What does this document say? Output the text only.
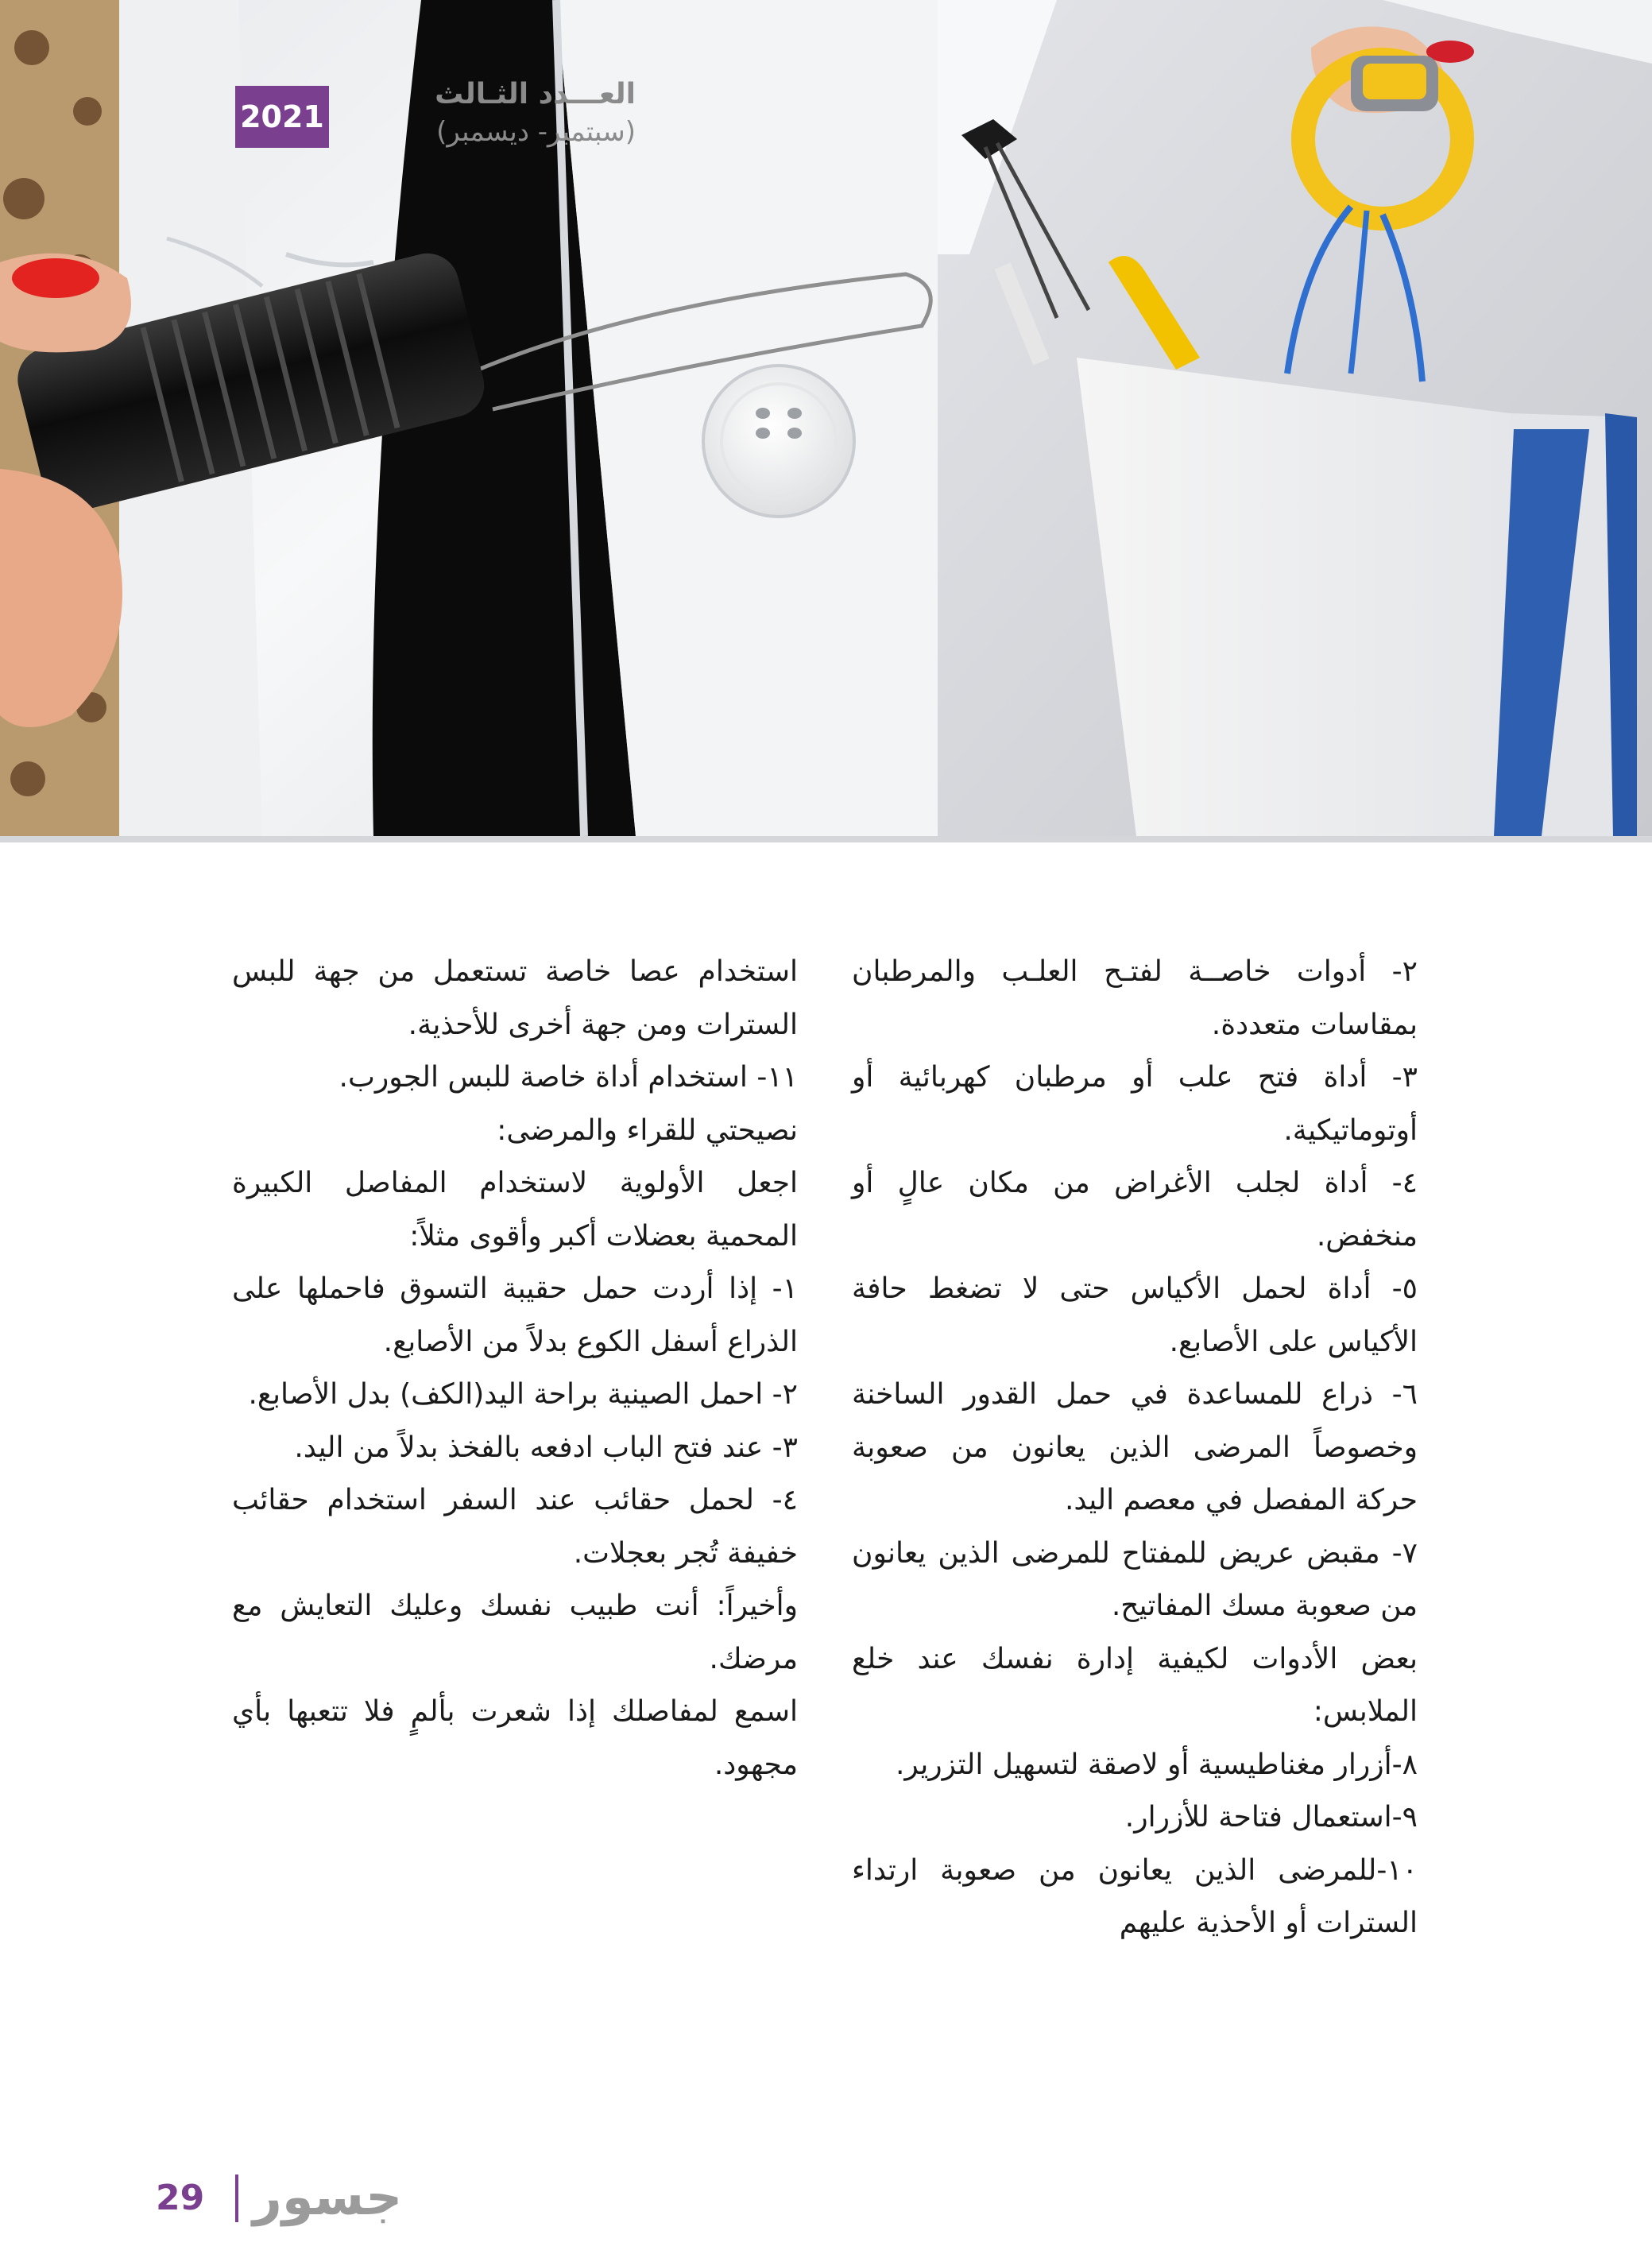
2021
العـــدد الثـالث
(سبتمبر- ديسمبر)

٢- أدوات خاصــة لفتـح العلـب والمرطبان بمقاسات متعددة.

٣- أداة فتح علب أو مرطبان كهربائية أو أوتوماتيكية.

٤- أداة لجلب الأغراض من مكان عالٍ أو منخفض.

٥- أداة لحمل الأكياس حتى لا تضغط حافة الأكياس على الأصابع.

٦- ذراع للمساعدة في حمل القدور الساخنة وخصوصاً المرضى الذين يعانون من صعوبة حركة المفصل في معصم اليد.

٧- مقبض عريض للمفتاح للمرضى الذين يعانون من صعوبة مسك المفاتيح.

بعض الأدوات لكيفية إدارة نفسك عند خلع الملابس:

٨-أزرار مغناطيسية أو لاصقة لتسهيل التزرير.

٩-استعمال فتاحة للأزرار.

١٠-للمرضى الذين يعانون من صعوبة ارتداء السترات أو الأحذية عليهم

استخدام عصا خاصة تستعمل من جهة للبس السترات ومن جهة أخرى للأحذية.

١١- استخدام أداة خاصة للبس الجورب.

نصيحتي للقراء والمرضى:

اجعل الأولوية لاستخدام المفاصل الكبيرة المحمية بعضلات أكبر وأقوى مثلاً:

١- إذا أردت حمل حقيبة التسوق فاحملها على الذراع أسفل الكوع بدلاً من الأصابع.

٢- احمل الصينية براحة اليد(الكف) بدل الأصابع.

٣- عند فتح الباب ادفعه بالفخذ بدلاً من اليد.

٤- لحمل حقائب عند السفر استخدام حقائب خفيفة تُجر بعجلات.

وأخيراً: أنت طبيب نفسك وعليك التعايش مع مرضك.

اسمع لمفاصلك إذا شعرت بألمٍ فلا تتعبها بأي مجهود.

29 جسور
